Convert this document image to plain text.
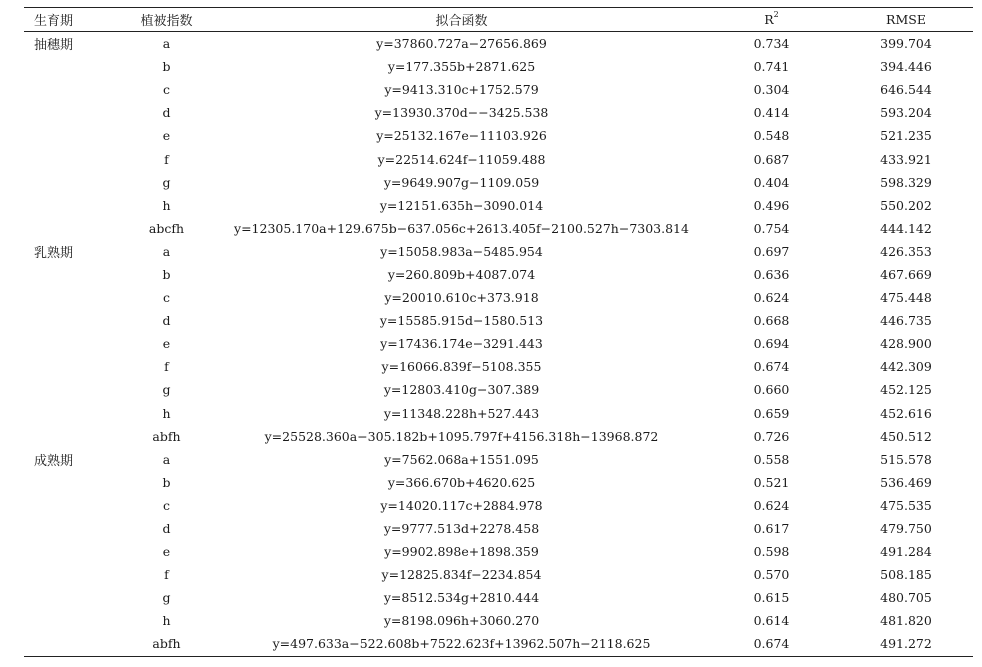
生育期	植被指数	拟合函数	$R^2$	RMSE
抽穗期	a	y=37860.727a−27656.869	0.734	399.704
	b	y=177.355b+2871.625	0.741	394.446
	c	y=9413.310c+1752.579	0.304	646.544
	d	y=13930.370d−−3425.538	0.414	593.204
	e	y=25132.167e−11103.926	0.548	521.235
	f	y=22514.624f−11059.488	0.687	433.921
	g	y=9649.907g−1109.059	0.404	598.329
	h	y=12151.635h−3090.014	0.496	550.202
	abcfh	y=12305.170a+129.675b−637.056c+2613.405f−2100.527h−7303.814	0.754	444.142
乳熟期	a	y=15058.983a−5485.954	0.697	426.353
	b	y=260.809b+4087.074	0.636	467.669
	c	y=20010.610c+373.918	0.624	475.448
	d	y=15585.915d−1580.513	0.668	446.735
	e	y=17436.174e−3291.443	0.694	428.900
	f	y=16066.839f−5108.355	0.674	442.309
	g	y=12803.410g−307.389	0.660	452.125
	h	y=11348.228h+527.443	0.659	452.616
	abfh	y=25528.360a−305.182b+1095.797f+4156.318h−13968.872	0.726	450.512
成熟期	a	y=7562.068a+1551.095	0.558	515.578
	b	y=366.670b+4620.625	0.521	536.469
	c	y=14020.117c+2884.978	0.624	475.535
	d	y=9777.513d+2278.458	0.617	479.750
	e	y=9902.898e+1898.359	0.598	491.284
	f	y=12825.834f−2234.854	0.570	508.185
	g	y=8512.534g+2810.444	0.615	480.705
	h	y=8198.096h+3060.270	0.614	481.820
	abfh	y=497.633a−522.608b+7522.623f+13962.507h−2118.625	0.674	491.272
